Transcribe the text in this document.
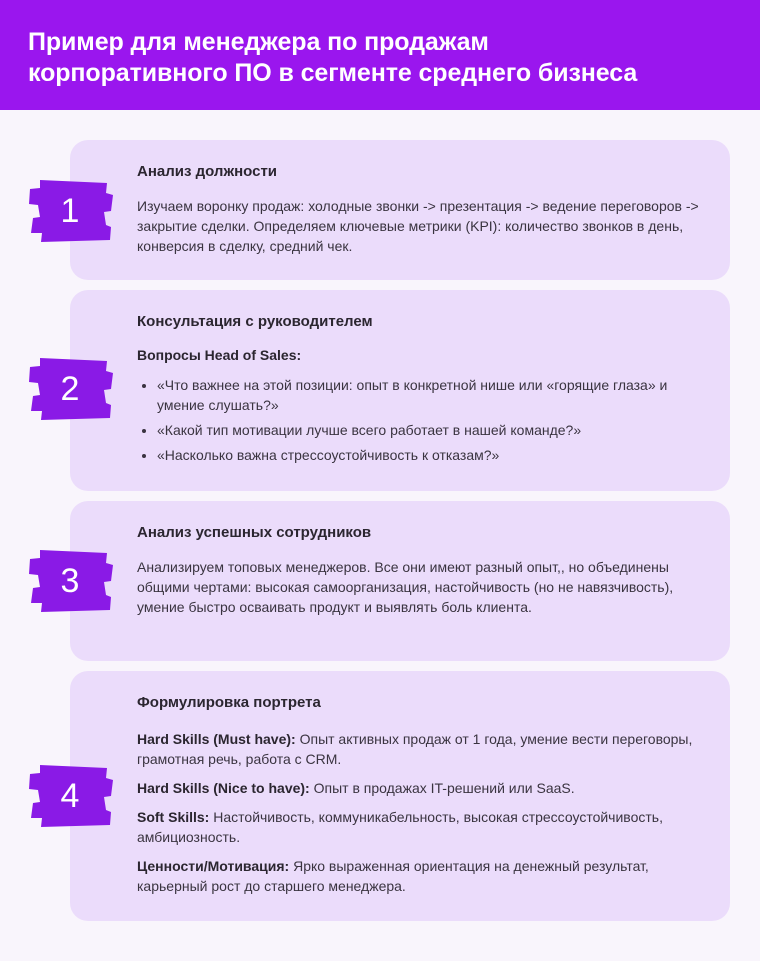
Пример для менеджера по продажам
корпоративного ПО в сегменте среднего бизнеса
Анализ должности
Изучаем воронку продаж: холодные звонки -> презентация -> ведение переговоров -> закрытие сделки. Определяем ключевые метрики (KPI): количество звонков в день, конверсия в сделку, средний чек.
Консультация с руководителем
Вопросы Head of Sales:
«Что важнее на этой позиции: опыт в конкретной нише или «горящие глаза» и умение слушать?»
«Какой тип мотивации лучше всего работает в нашей команде?»
«Насколько важна стрессоустойчивость к отказам?»
Анализ успешных сотрудников
Анализируем топовых менеджеров. Все они имеют разный опыт,, но объединены общими чертами: высокая самоорганизация, настойчивость (но не навязчивость), умение быстро осваивать продукт и выявлять боль клиента.
Формулировка портрета
Hard Skills (Must have): Опыт активных продаж от 1 года, умение вести переговоры, грамотная речь, работа с CRM.
Hard Skills (Nice to have): Опыт в продажах IT-решений или SaaS.
Soft Skills: Настойчивость, коммуникабельность, высокая стрессоустойчивость, амбициозность.
Ценности/Мотивация: Ярко выраженная ориентация на денежный результат, карьерный рост до старшего менеджера.
1
2
3
4
